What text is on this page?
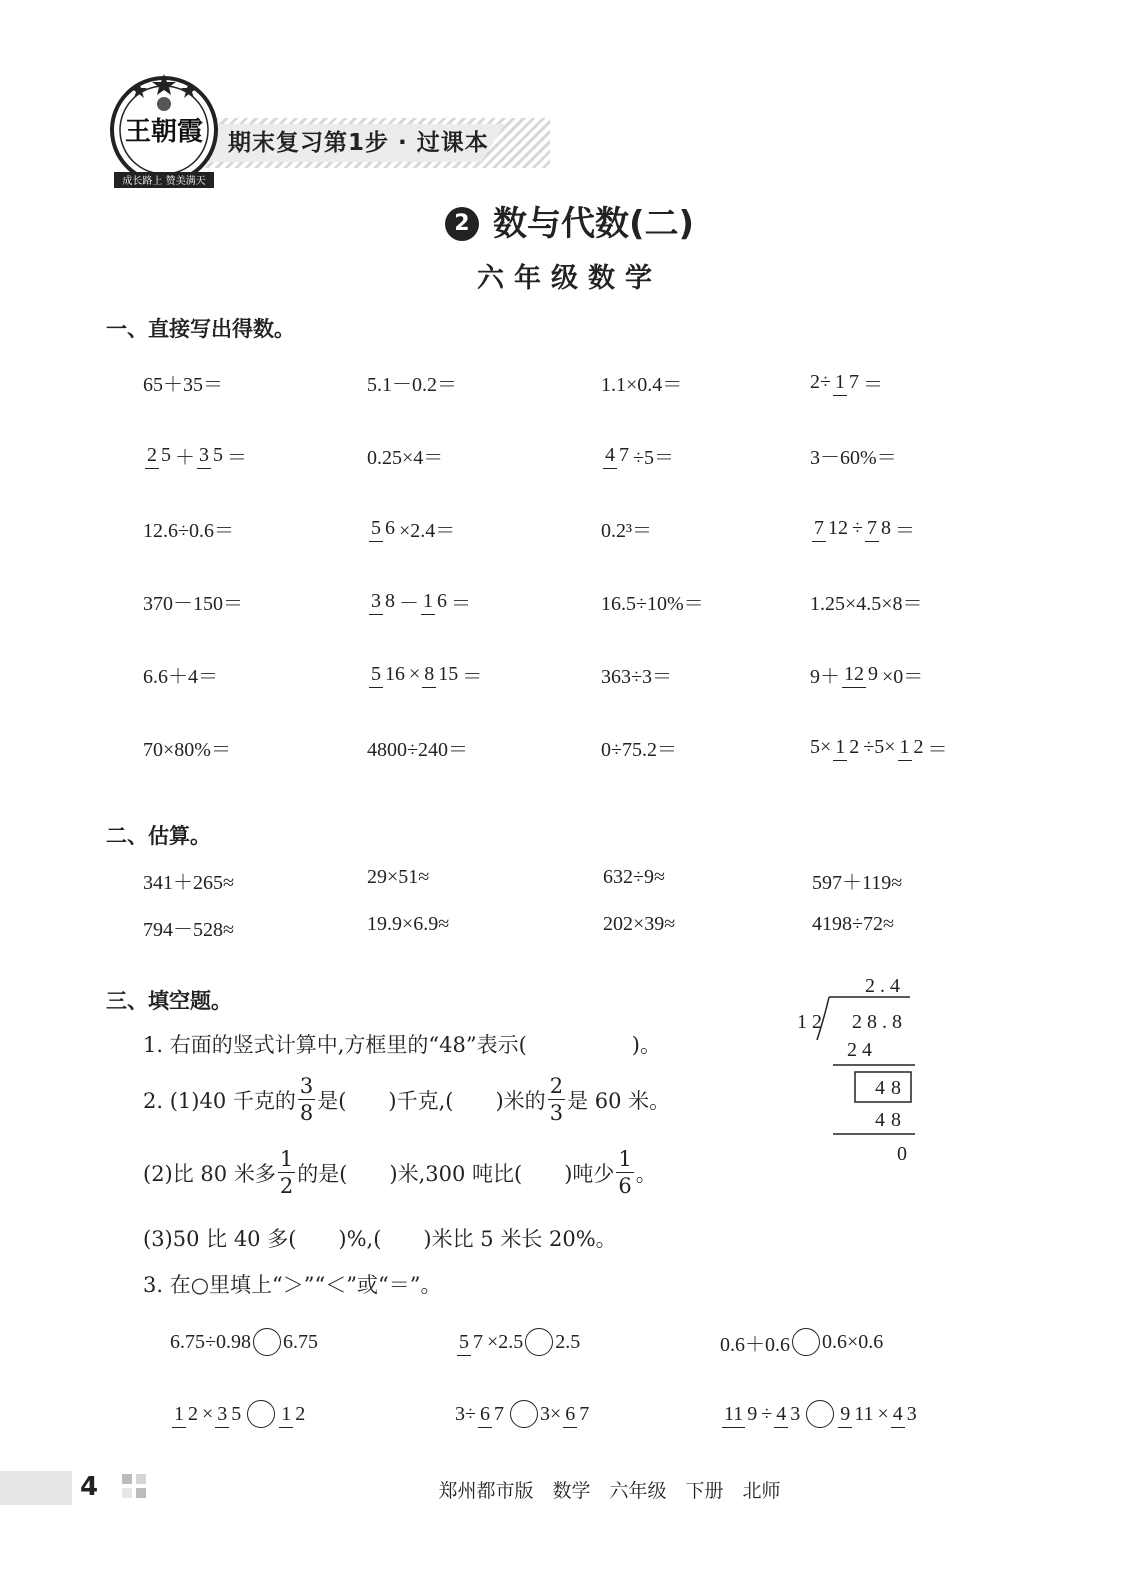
期末复习第1步 · 过课本
王朝霞
成长路上 赞美满天
2 数与代数(二)
六年级数学
一、直接写出得数。
65＋35＝	5.1－0.2＝	1.1×0.4＝	2÷ 1 7 ＝
2 5 ＋ 3 5 ＝	0.25×4＝	4 7 ÷5＝	3－60%＝
12.6÷0.6＝	5 6 ×2.4＝	0.2³＝	7 12 ÷ 7 8 ＝
370－150＝	3 8 － 1 6 ＝	16.5÷10%＝	1.25×4.5×8＝
6.6＋4＝	5 16 × 8 15 ＝	363÷3＝	9＋ 12 9 ×0＝
70×80%＝	4800÷240＝	0÷75.2＝	5× 1 2 ÷5× 1 2 ＝
二、估算。
341＋265≈	29×51≈	632÷9≈	597＋119≈
794－528≈	19.9×6.9≈	202×39≈	4198÷72≈
三、填空题。
1. 右面的竖式计算中,方框里的“48”表示(　　　　　)。
2. (1)40 千克的 $\frac{3}{8}$ 是(　　)千克,(　　)米的 $\frac{2}{3}$ 是 60 米。
(2)比 80 米多 $\frac{1}{2}$ 的是(　　)米,300 吨比(　　)吨少 $\frac{1}{6}$ 。
(3)50 比 40 多(　　)%,(　　)米比 5 米长 20%。
3. 在○里填上“＞”“＜”或“＝”。
6.75÷0.98 6.75	5 7 ×2.5 2.5	0.6＋0.6 0.6×0.6
1 2 × 3 5 1 2	3÷ 6 7 3× 6 7	11 9 ÷ 4 3 9 11 × 4 3
2.4
12 28.8
24
48
48
0
4	郑州都市版　数学　六年级　下册　北师
